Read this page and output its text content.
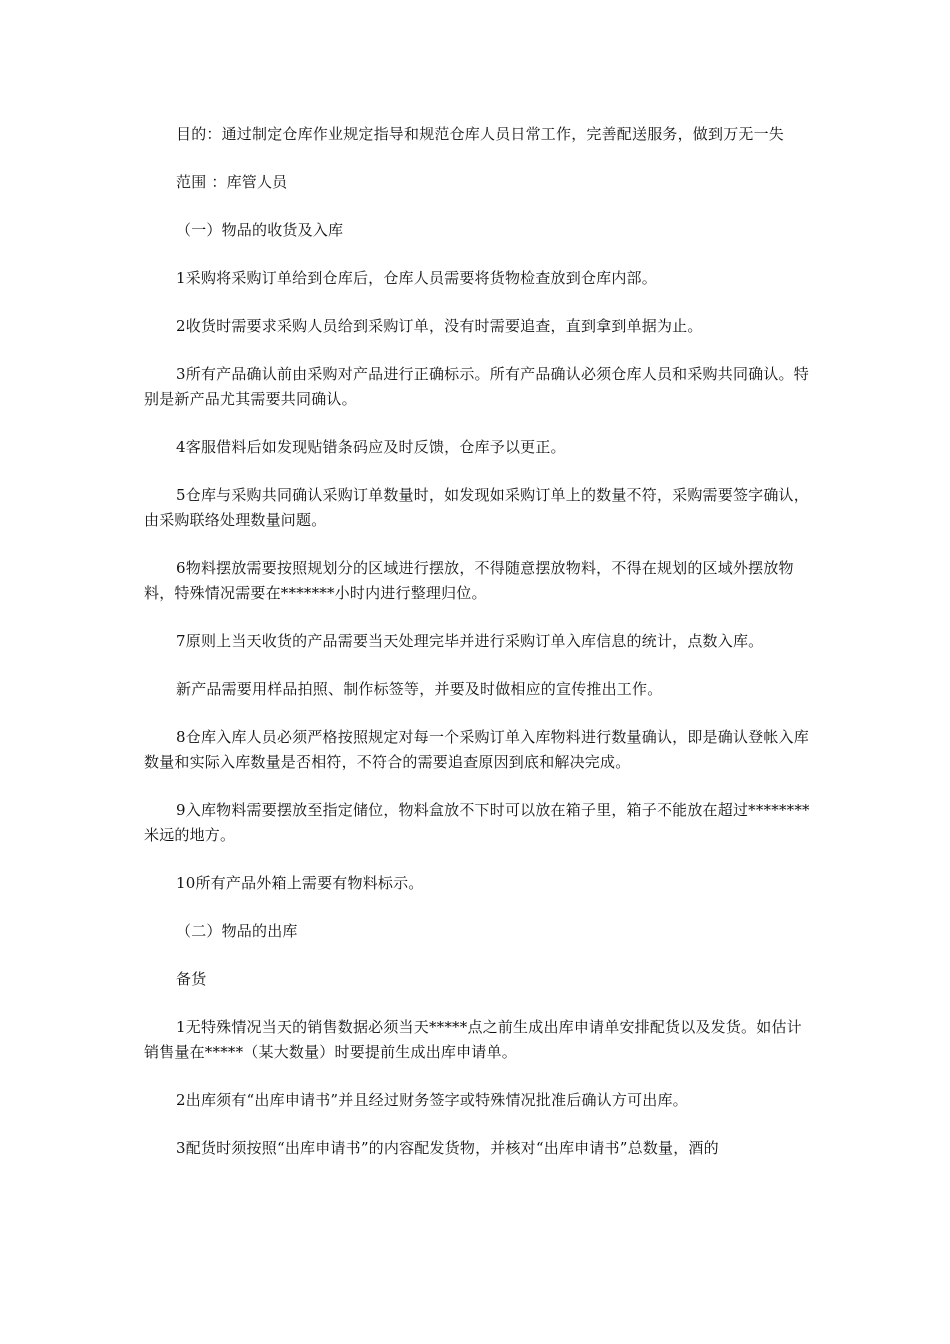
目的：通过制定仓库作业规定指导和规范仓库人员日常工作，完善配送服务，做到万无一失

范围 ：库管人员

（一）物品的收货及入库

1采购将采购订单给到仓库后，仓库人员需要将货物检查放到仓库内部。

2收货时需要求采购人员给到采购订单，没有时需要追查，直到拿到单据为止。

3所有产品确认前由采购对产品进行正确标示。所有产品确认必须仓库人员和采购共同确认。特别是新产品尤其需要共同确认。

4客服借料后如发现贴错条码应及时反馈，仓库予以更正。

5仓库与采购共同确认采购订单数量时，如发现如采购订单上的数量不符，采购需要签字确认，由采购联络处理数量问题。

6物料摆放需要按照规划分的区域进行摆放，不得随意摆放物料，不得在规划的区域外摆放物料，特殊情况需要在*******小时内进行整理归位。

7原则上当天收货的产品需要当天处理完毕并进行采购订单入库信息的统计，点数入库。

新产品需要用样品拍照、制作标签等，并要及时做相应的宣传推出工作。

8仓库入库人员必须严格按照规定对每一个采购订单入库物料进行数量确认，即是确认登帐入库数量和实际入库数量是否相符，不符合的需要追查原因到底和解决完成。

9入库物料需要摆放至指定储位，物料盒放不下时可以放在箱子里，箱子不能放在超过********米远的地方。

10所有产品外箱上需要有物料标示。

（二）物品的出库

备货

1无特殊情况当天的销售数据必须当天*****点之前生成出库申请单安排配货以及发货。如估计销售量在*****（某大数量）时要提前生成出库申请单。

2出库须有“出库申请书”并且经过财务签字或特殊情况批准后确认方可出库。

3配货时须按照“出库申请书”的内容配发货物，并核对“出库申请书”总数量，酒的
